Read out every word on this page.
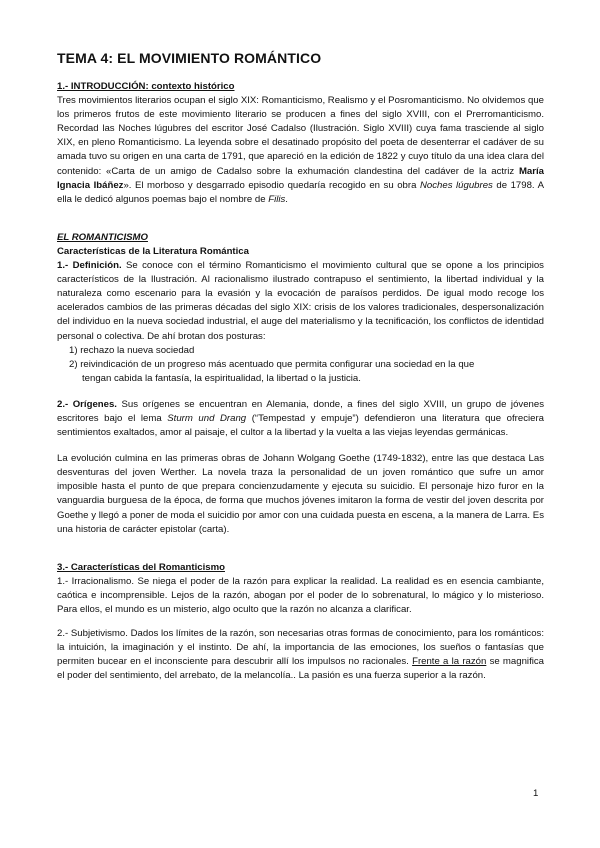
TEMA 4: EL MOVIMIENTO ROMÁNTICO
1.- INTRODUCCIÓN: contexto histórico

Tres movimientos literarios ocupan el siglo XIX: Romanticismo, Realismo y el Posromanticismo. No olvidemos que los primeros frutos de este movimiento literario se producen a fines del siglo XVIII, con el Prerromanticismo. Recordad las Noches lúgubres del escritor José Cadalso (Ilustración. Siglo XVIII) cuya fama trasciende al siglo XIX, en pleno Romanticismo. La leyenda sobre el desatinado propósito del poeta de desenterrar el cadáver de su amada tuvo su origen en una carta de 1791, que apareció en la edición de 1822 y cuyo título da una idea clara del contenido: «Carta de un amigo de Cadalso sobre la exhumación clandestina del cadáver de la actriz María Ignacia Ibáñez». El morboso y desgarrado episodio quedaría recogido en su obra Noches lúgubres de 1798. A ella le dedicó algunos poemas bajo el nombre de Filis.

EL ROMANTICISMO
Características de la Literatura Romántica

1.- Definición. Se conoce con el término Romanticismo el movimiento cultural que se opone a los principios característicos de la Ilustración. Al racionalismo ilustrado contrapuso el sentimiento, la libertad individual y la naturaleza como escenario para la evasión y la evocación de paraísos perdidos. De igual modo recoge los acelerados cambios de las primeras décadas del siglo XIX: crisis de los valores tradicionales, despersonalización del individuo en la nueva sociedad industrial, el auge del materialismo y la tecnificación, los conflictos de identidad personal o colectiva. De ahí brotan dos posturas:

1) rechazo la nueva sociedad
2) reivindicación de un progreso más acentuado que permita configurar una sociedad en la que
tengan cabida la fantasía, la espiritualidad, la libertad o la justicia.

2.- Orígenes. Sus orígenes se encuentran en Alemania, donde, a fines del siglo XVIII, un grupo de jóvenes escritores bajo el lema Sturm und Drang (“Tempestad y empuje”) defendieron una literatura que ofreciera sentimientos exaltados, amor al paisaje, el cultor a la libertad y la vuelta a las viejas leyendas germánicas.

La evolución culmina en las primeras obras de Johann Wolgang Goethe (1749-1832), entre las que destaca Las desventuras del joven Werther. La novela traza la personalidad de un joven romántico que sufre un amor imposible hasta el punto de que prepara concienzudamente y ejecuta su suicidio. El personaje hizo furor en la vanguardia burguesa de la época, de forma que muchos jóvenes imitaron la forma de vestir del joven descrita por Goethe y llegó a poner de moda el suicidio por amor con una cuidada puesta en escena, a la manera de Larra. Es una historia de carácter epistolar (carta).

3.- Características del Romanticismo

1.- Irracionalismo. Se niega el poder de la razón para explicar la realidad. La realidad es en esencia cambiante, caótica e incomprensible. Lejos de la razón, abogan por el poder de lo sobrenatural, lo mágico y lo misterioso. Para ellos, el mundo es un misterio, algo oculto que la razón no alcanza a clarificar.

2.- Subjetivismo. Dados los límites de la razón, son necesarias otras formas de conocimiento, para los románticos: la intuición, la imaginación y el instinto. De ahí, la importancia de las emociones, los sueños o fantasías que permiten bucear en el inconsciente para descubrir allí los impulsos no racionales. Frente a la razón se magnifica el poder del sentimiento, del arrebato, de la melancolía.. La pasión es una fuerza superior a la razón.

1
